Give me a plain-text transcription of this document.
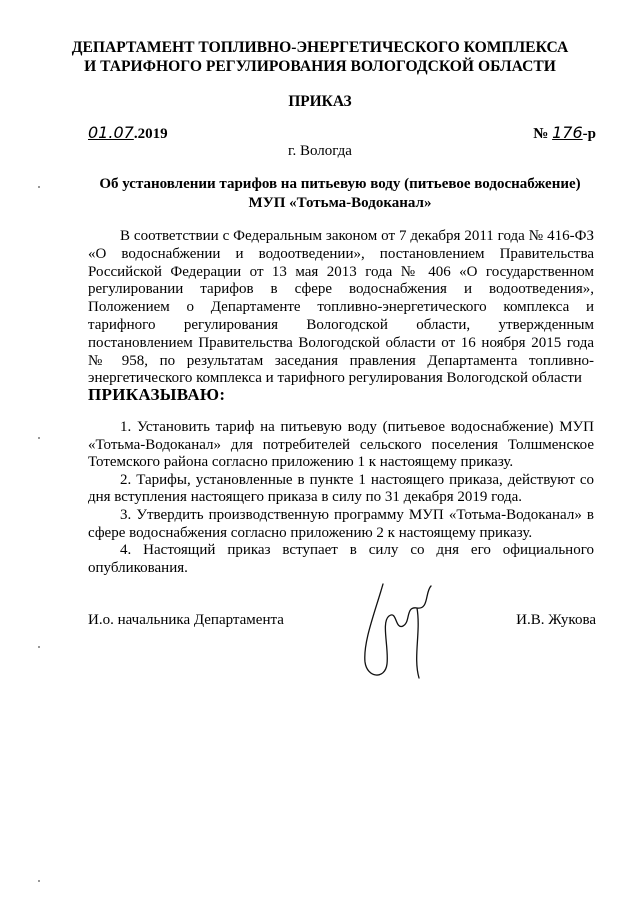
ДЕПАРТАМЕНТ ТОПЛИВНО-ЭНЕРГЕТИЧЕСКОГО КОМПЛЕКСА
И ТАРИФНОГО РЕГУЛИРОВАНИЯ ВОЛОГОДСКОЙ ОБЛАСТИ
ПРИКАЗ
01.07.2019	№ 176-р
г. Вологда
Об установлении тарифов на питьевую воду (питьевое водоснабжение)
МУП «Тотьма-Водоканал»

В соответствии с Федеральным законом от 7 декабря 2011 года № 416-ФЗ «О водоснабжении и водоотведении», постановлением Правительства Российской Федерации от 13 мая 2013 года № 406 «О государственном регулировании тарифов в сфере водоснабжения и водоотведения», Положением о Департаменте топливно-энергетического комплекса и тарифного регулирования Вологодской области, утвержденным постановлением Правительства Вологодской области от 16 ноября 2015 года № 958, по результатам заседания правления Департамента топливно-энергетического комплекса и тарифного регулирования Вологодской области

ПРИКАЗЫВАЮ:

1. Установить тариф на питьевую воду (питьевое водоснабжение) МУП «Тотьма-Водоканал» для потребителей сельского поселения Толшменское Тотемского района согласно приложению 1 к настоящему приказу.

2. Тарифы, установленные в пункте 1 настоящего приказа, действуют со дня вступления настоящего приказа в силу по 31 декабря 2019 года.

3. Утвердить производственную программу МУП «Тотьма-Водоканал» в сфере водоснабжения согласно приложению 2 к настоящему приказу.

4. Настоящий приказ вступает в силу со дня его официального опубликования.

И.о. начальника Департамента	И.В. Жукова
